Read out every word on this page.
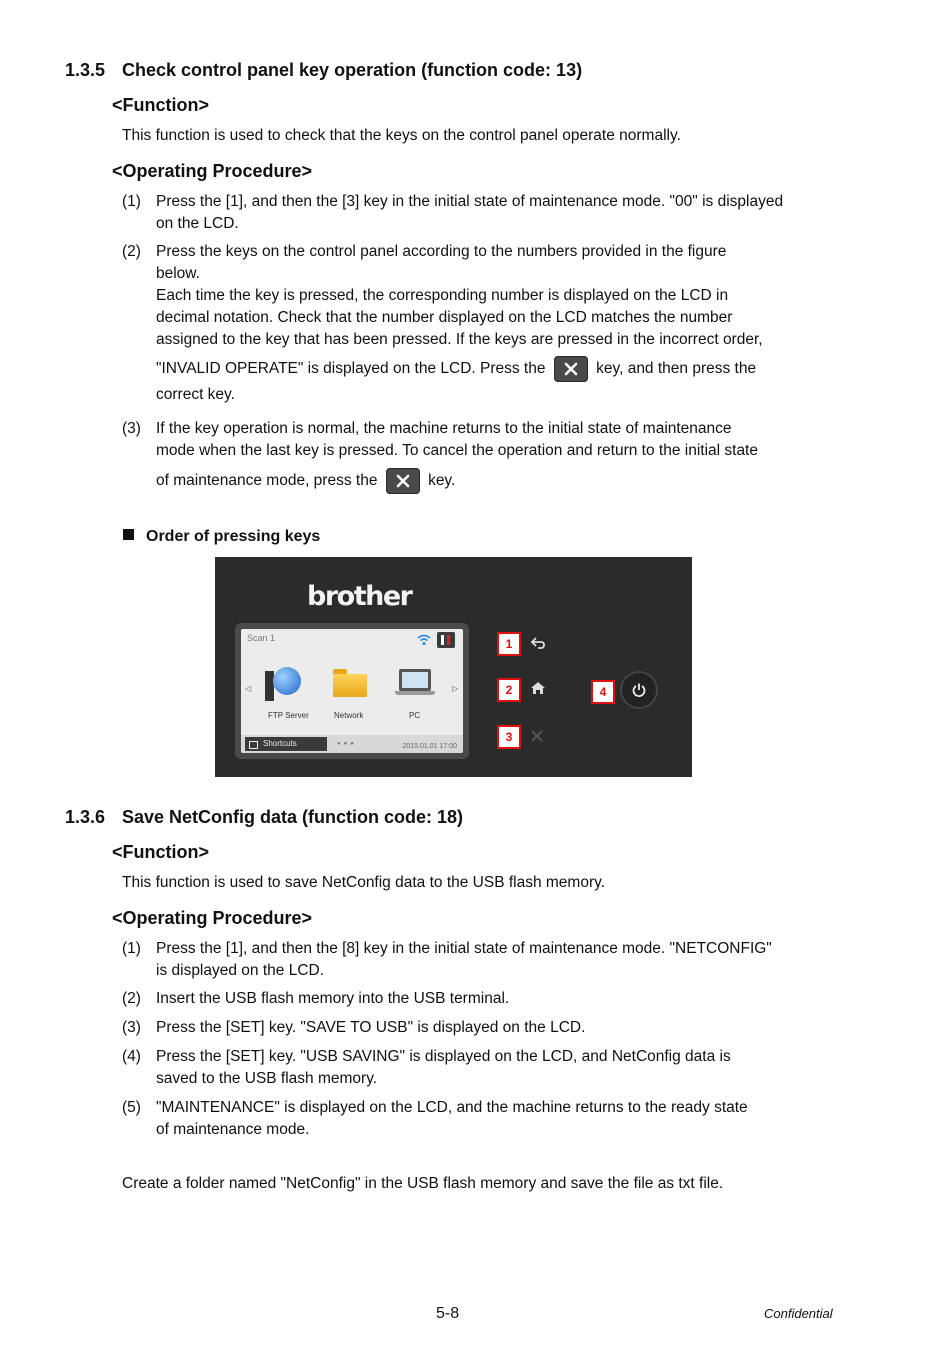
1.3.5 Check control panel key operation (function code: 13)
<Function>
This function is used to check that the keys on the control panel operate normally.
<Operating Procedure>
(1) Press the [1], and then the [3] key in the initial state of maintenance mode. "00" is displayed
on the LCD.
(2) Press the keys on the control panel according to the numbers provided in the figure
below.
Each time the key is pressed, the corresponding number is displayed on the LCD in
decimal notation. Check that the number displayed on the LCD matches the number
assigned to the key that has been pressed. If the keys are pressed in the incorrect order,
"INVALID OPERATE" is displayed on the LCD. Press the	key, and then press the
correct key.
(3) If the key operation is normal, the machine returns to the initial state of maintenance
mode when the last key is pressed. To cancel the operation and return to the initial state
of maintenance mode, press the	key.
Order of pressing keys
brother
Scan 1
◁	▷
FTP Server	Network	PC
Shortcuts	●●●	2015.01.01 17:00
1
2
3
4
1.3.6 Save NetConfig data (function code: 18)
<Function>
This function is used to save NetConfig data to the USB flash memory.
<Operating Procedure>
(1) Press the [1], and then the [8] key in the initial state of maintenance mode. "NETCONFIG"
is displayed on the LCD.
(2) Insert the USB flash memory into the USB terminal.
(3) Press the [SET] key. "SAVE TO USB" is displayed on the LCD.
(4) Press the [SET] key. "USB SAVING" is displayed on the LCD, and NetConfig data is
saved to the USB flash memory.
(5) "MAINTENANCE" is displayed on the LCD, and the machine returns to the ready state
of maintenance mode.
Create a folder named "NetConfig" in the USB flash memory and save the file as txt file.
5-8	Confidential
